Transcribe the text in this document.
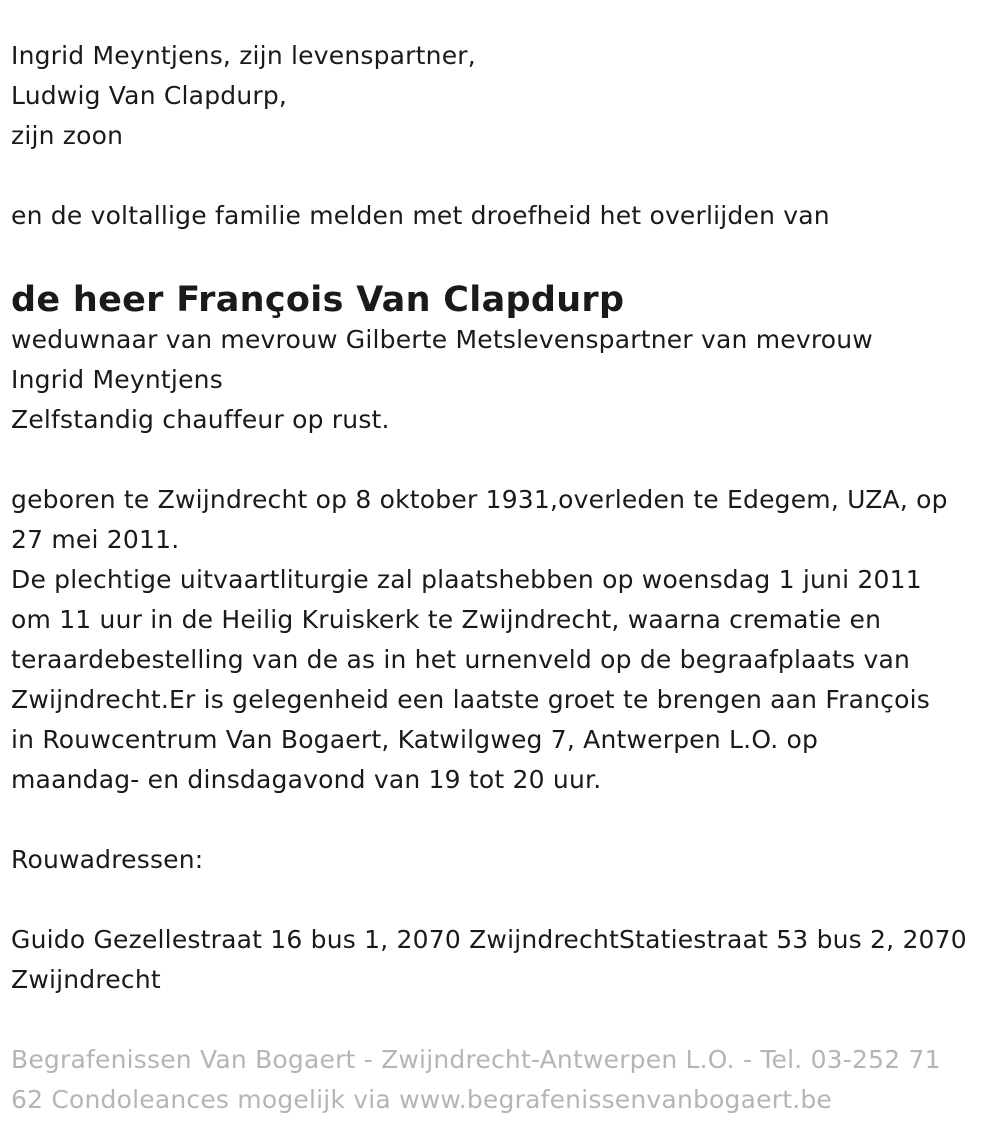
Ingrid Meyntjens, zijn levenspartner,
Ludwig Van Clapdurp,
zijn zoon
en de voltallige familie melden met droefheid het overlijden van
de heer François Van Clapdurp
weduwnaar van mevrouw Gilberte Metslevenspartner van mevrouw
Ingrid Meyntjens
Zelfstandig chauffeur op rust.
geboren te Zwijndrecht op 8 oktober 1931,overleden te Edegem, UZA, op
27 mei 2011.
De plechtige uitvaartliturgie zal plaatshebben op woensdag 1 juni 2011
om 11 uur in de Heilig Kruiskerk te Zwijndrecht, waarna crematie en
teraardebestelling van de as in het urnenveld op de begraafplaats van
Zwijndrecht.Er is gelegenheid een laatste groet te brengen aan François
in Rouwcentrum Van Bogaert, Katwilgweg 7, Antwerpen L.O. op
maandag- en dinsdagavond van 19 tot 20 uur.
Rouwadressen:
Guido Gezellestraat 16 bus 1, 2070 ZwijndrechtStatiestraat 53 bus 2, 2070
Zwijndrecht
Begrafenissen Van Bogaert - Zwijndrecht-Antwerpen L.O. - Tel. 03-252 71
62 Condoleances mogelijk via www.begrafenissenvanbogaert.be
